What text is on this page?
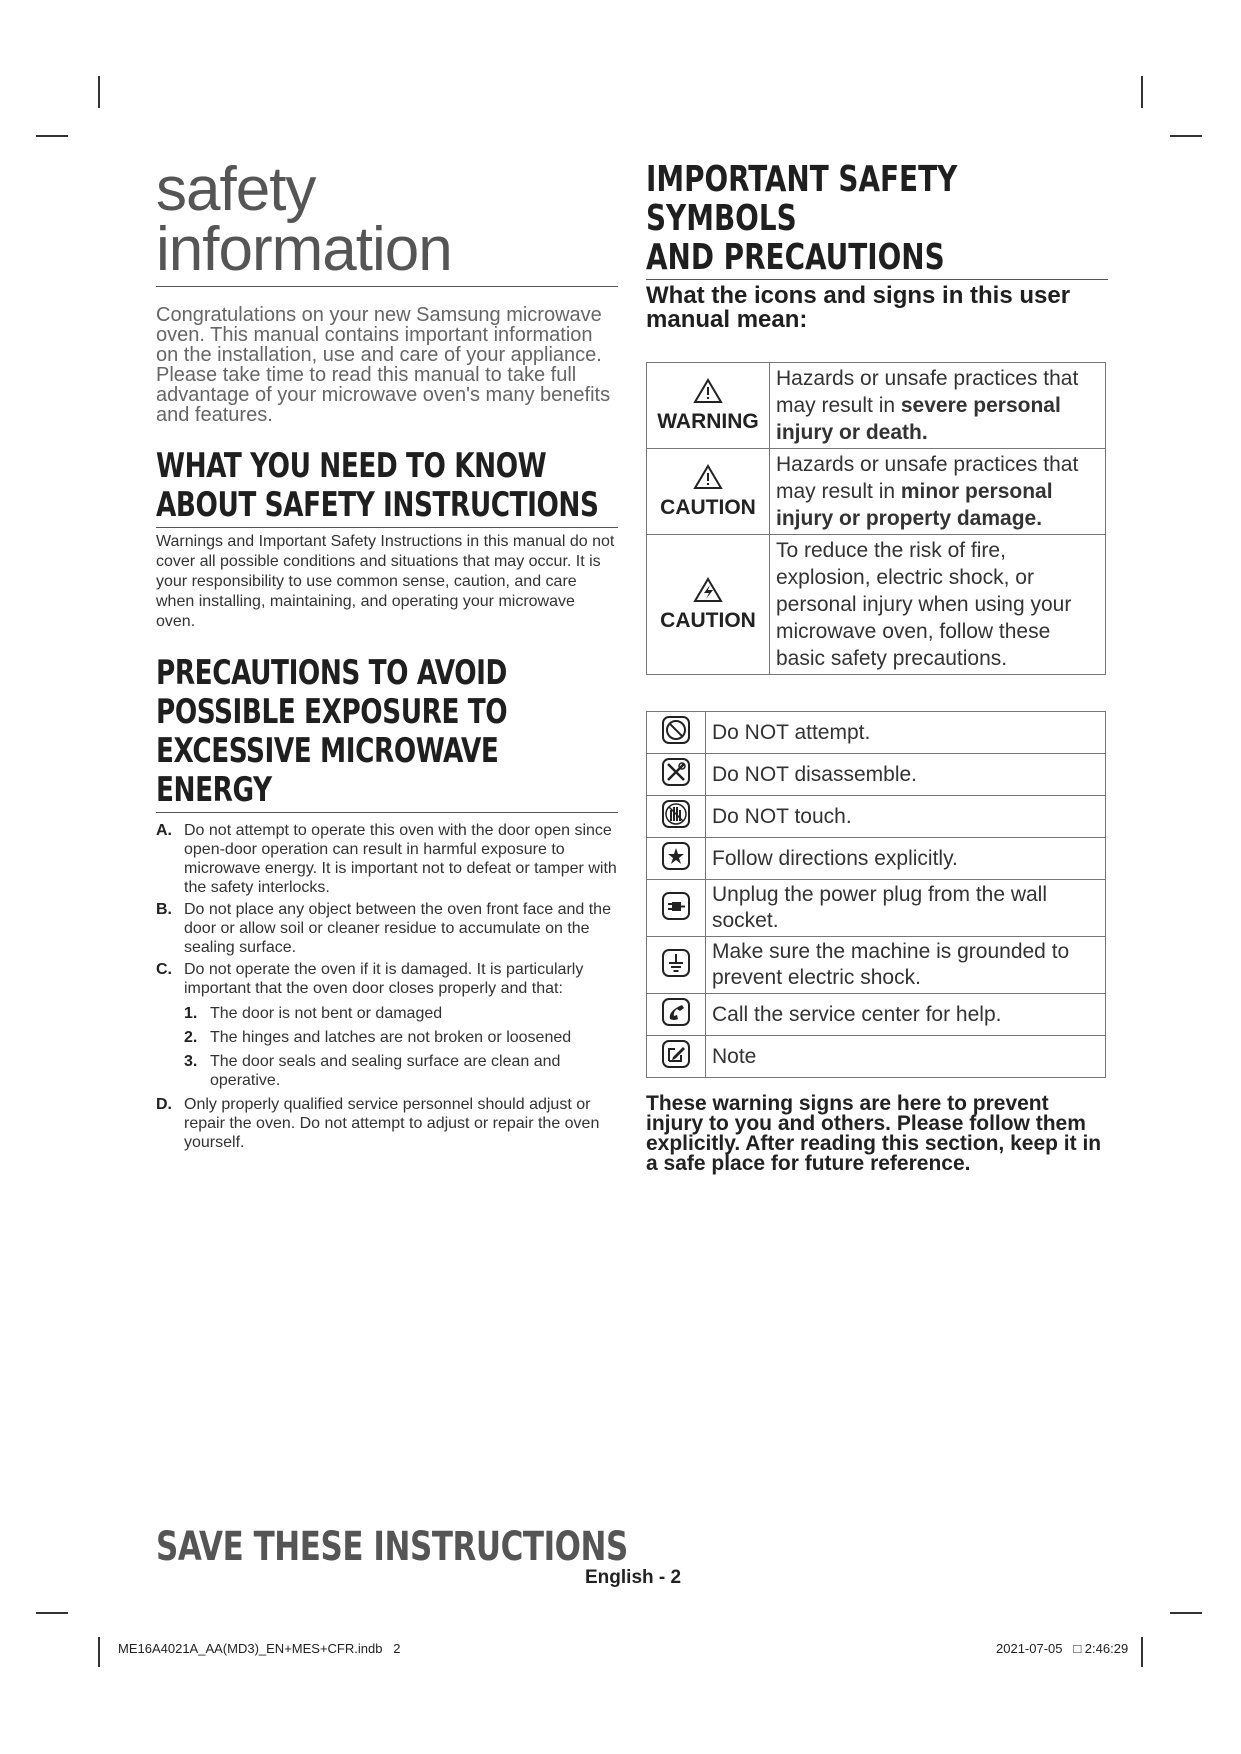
safety
information

Congratulations on your new Samsung microwave oven. This manual contains important information on the installation, use and care of your appliance. Please take time to read this manual to take full advantage of your microwave oven's many benefits and features.

WHAT YOU NEED TO KNOW
ABOUT SAFETY INSTRUCTIONS

Warnings and Important Safety Instructions in this manual do not cover all possible conditions and situations that may occur. It is your responsibility to use common sense, caution, and care when installing, maintaining, and operating your microwave oven.

PRECAUTIONS TO AVOID
POSSIBLE EXPOSURE TO
EXCESSIVE MICROWAVE
ENERGY
A. Do not attempt to operate this oven with the door open since open-door operation can result in harmful exposure to microwave energy. It is important not to defeat or tamper with the safety interlocks.
B. Do not place any object between the oven front face and the door or allow soil or cleaner residue to accumulate on the sealing surface.
C. Do not operate the oven if it is damaged. It is particularly important that the oven door closes properly and that:
1. The door is not bent or damaged
2. The hinges and latches are not broken or loosened
3. The door seals and sealing surface are clean and operative.
D. Only properly qualified service personnel should adjust or repair the oven. Do not attempt to adjust or repair the oven yourself.
IMPORTANT SAFETY SYMBOLS
AND PRECAUTIONS

What the icons and signs in this user manual mean:

WARNING	Hazards or unsafe practices that may result in severe personal injury or death.

CAUTION	Hazards or unsafe practices that may result in minor personal injury or property damage.

CAUTION	To reduce the risk of fire, explosion, electric shock, or personal injury when using your microwave oven, follow these basic safety precautions.
	Do NOT attempt.
	Do NOT disassemble.
	Do NOT touch.
	Follow directions explicitly.
	Unplug the power plug from the wall socket.
	Make sure the machine is grounded to prevent electric shock.
	Call the service center for help.
	Note

These warning signs are here to prevent injury to you and others. Please follow them explicitly. After reading this section, keep it in a safe place for future reference.

SAVE THESE INSTRUCTIONS
English - 2
ME16A4021A_AA(MD3)_EN+MES+CFR.indb   2	2021-07-05   □ 2:46:29
